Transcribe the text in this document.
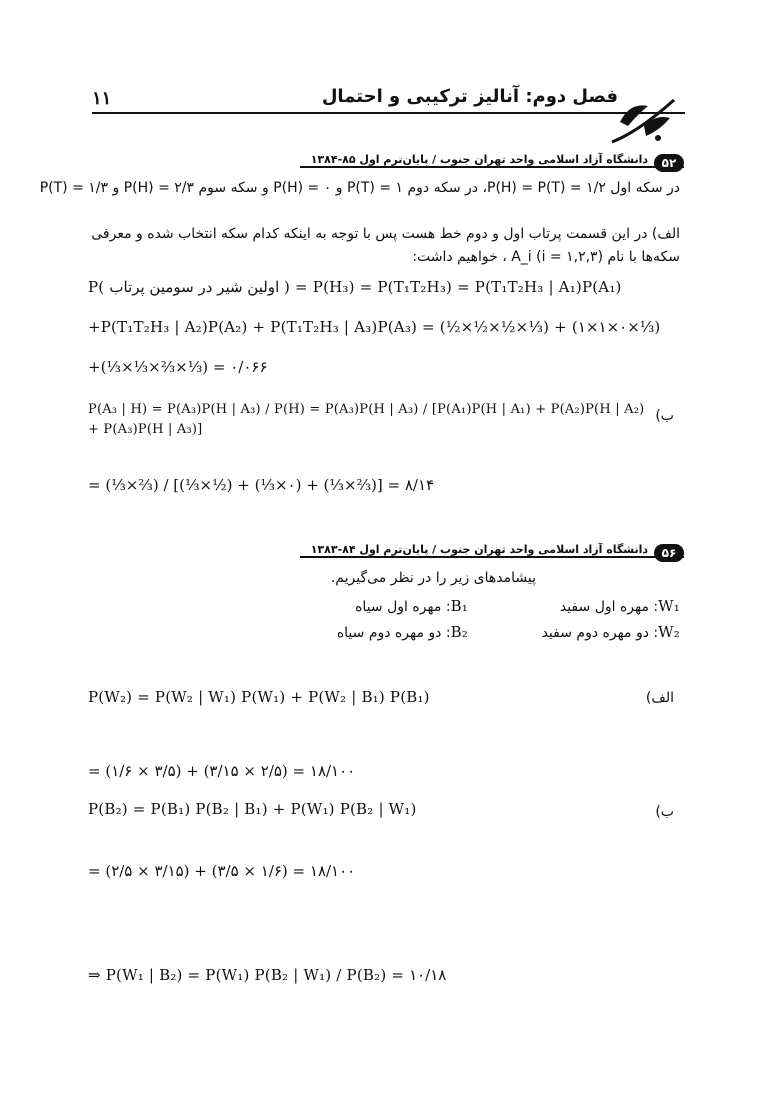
۱۱	فصل دوم: آنالیز ترکیبی و احتمال
دانشگاه آزاد اسلامی واحد تهران جنوب / پایان‌ترم اول ۸۵-۱۳۸۴	۵۲
در سکه اول ۱/۲ = P(H) = P(T)، در سکه دوم ۱ = P(T) و ۰ = P(H) و سکه سوم ۲/۳ = P(H) و ۱/۳ = P(T)
الف) در این قسمت پرتاب اول و دوم خط هست پس با توجه به اینکه کدام سکه انتخاب شده و معرفی
سکه‌ها با نام (i = ۱,۲,۳) A_i ، خواهیم داشت:
P( اولین شیر در سومین پرتاب ) = P(H₃) = P(T₁T₂H₃) = P(T₁T₂H₃ | A₁)P(A₁)
+P(T₁T₂H₃ | A₂)P(A₂) + P(T₁T₂H₃ | A₃)P(A₃) = (½×½×½×⅓) + (۱×۱×۰×⅓)
+(⅓×⅓×⅔×⅓) = ۰/۰۶۶
ب)
P(A₃ | H) = P(A₃)P(H | A₃) / P(H) = P(A₃)P(H | A₃) / [P(A₁)P(H | A₁) + P(A₂)P(H | A₂) + P(A₃)P(H | A₃)]
= (⅓×⅔) / [(⅓×½) + (⅓×۰) + (⅓×⅔)] = ۸/۱۴
دانشگاه آزاد اسلامی واحد تهران جنوب / پایان‌ترم اول ۸۴-۱۳۸۳	۵۶
پیشامدهای زیر را در نظر می‌گیریم.
W₁: مهره اول سفید
B₁: مهره اول سیاه
W₂: دو مهره دوم سفید
B₂: دو مهره دوم سیاه
الف)
P(W₂) = P(W₂ | W₁) P(W₁) + P(W₂ | B₁) P(B₁)
= (۱/۶ × ۳/۵) + (۳/۱۵ × ۲/۵) = ۱۸/۱۰۰
ب)
P(B₂) = P(B₁) P(B₂ | B₁) + P(W₁) P(B₂ | W₁)
= (۲/۵ × ۳/۱۵) + (۳/۵ × ۱/۶) = ۱۸/۱۰۰
⇒ P(W₁ | B₂) = P(W₁) P(B₂ | W₁) / P(B₂) = ۱۰/۱۸
